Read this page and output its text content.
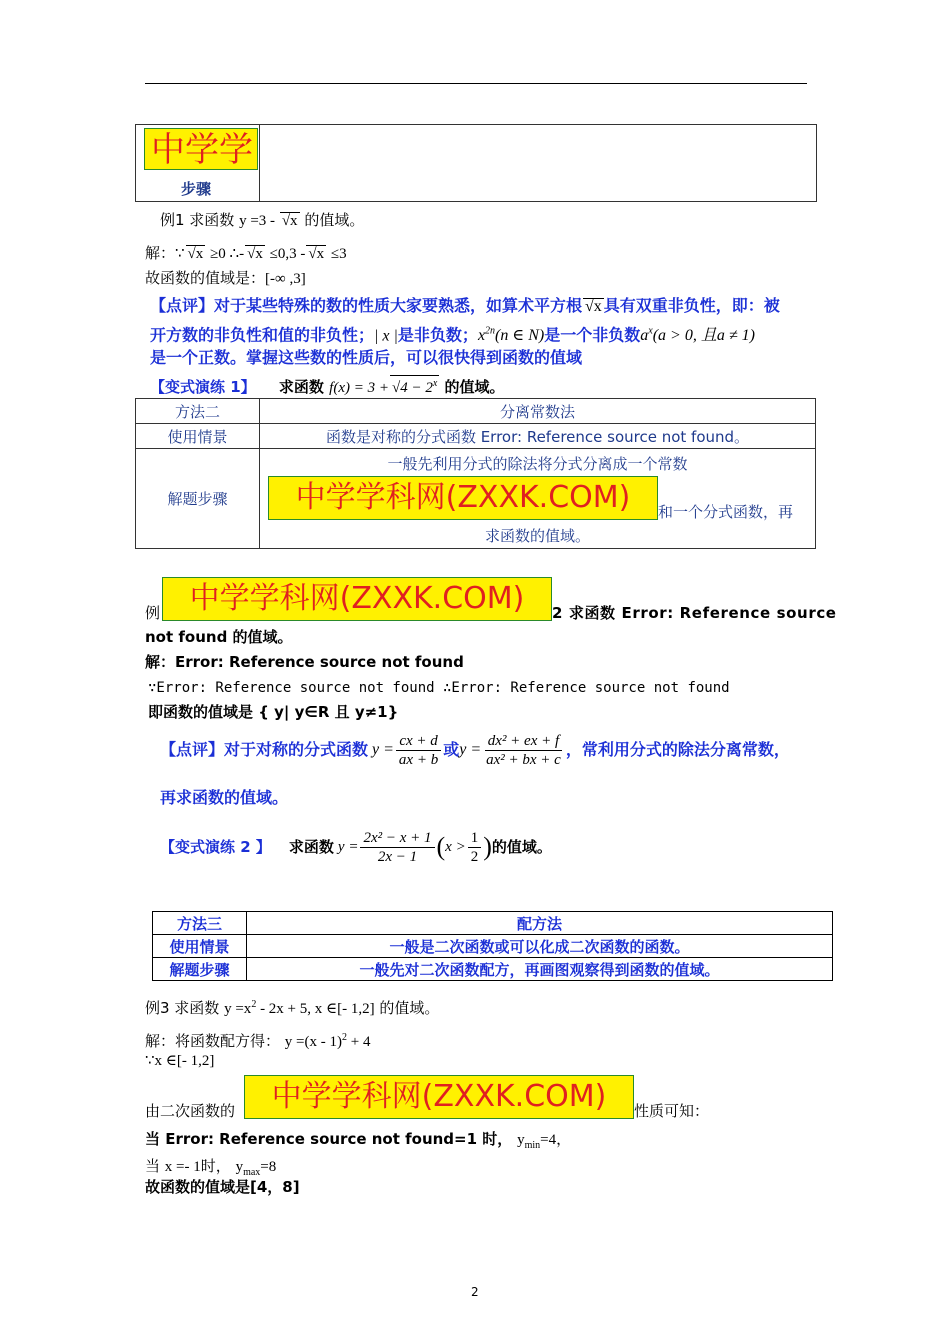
中学学
步骤
例1 求函数 y =3 - √ x 的值域。
解：∵ √ x ≥0 ∴- √ x ≤0,3 - √ x ≤3
故函数的值域是：[-∞ ,3]
【点评】对于某些特殊的数的性质大家要熟悉，如算术平方根 √ x 具有双重非负性，即：被
开方数的非负性和值的非负性；| x |是非负数；$x^{2n}(n$ ∈ N)是一个非负数$a^x(a > 0$, 且a ≠ 1)
是一个正数。掌握这些数的性质后，可以很快得到函数的值域
【变式演练 1】 求函数 f(x) = 3 + √ $4 - 2^x$ 的值域。
方法二	分离常数法
使用情景	函数是对称的分式函数 Error: Reference source not found。
解题步骤	一般先利用分式的除法将分式分离成一个常数
中学学科网(ZXXK.COM) 和一个分式函数，再
求函数的值域。
例 中学学科网(ZXXK.COM)	2 求函数 Error: Reference source
not found 的值域。
解：Error: Reference source not found
∵Error: Reference source not found ∴Error: Reference source not found
即函数的值域是 { y| y∈R 且 y≠1}
【点评】对于对称的分式函数 $y = \frac{cx + d}{ax + b}$ 或 $y = \frac{\text{dx² + ex + f}}{\text{ax² + bx + c}}$ ，常利用分式的除法分离常数，
再求函数的值域。
【变式演练 2 】 求函数 $y = \frac{\text{2x² − x + 1}}{2x - 1}$ ( $x > \frac{1}{2}$ ) 的值域。
方法三	配方法
使用情景	一般是二次函数或可以化成二次函数的函数。
解题步骤	一般先对二次函数配方，再画图观察得到函数的值域。
例3 求函数 $y =x^2 - 2x + 5$, x ∈[- 1,2] 的值域。
解：将函数配方得： y =(x - 1)$^2$ + 4
∵x ∈[- 1,2]
由二次函数的	中学学科网(ZXXK.COM)	性质可知：
当 Error: Reference source not found=1 时， $y_{min}=4$，
当 x =- 1时， $y_{max}=8$
故函数的值域是[4，8]
2
